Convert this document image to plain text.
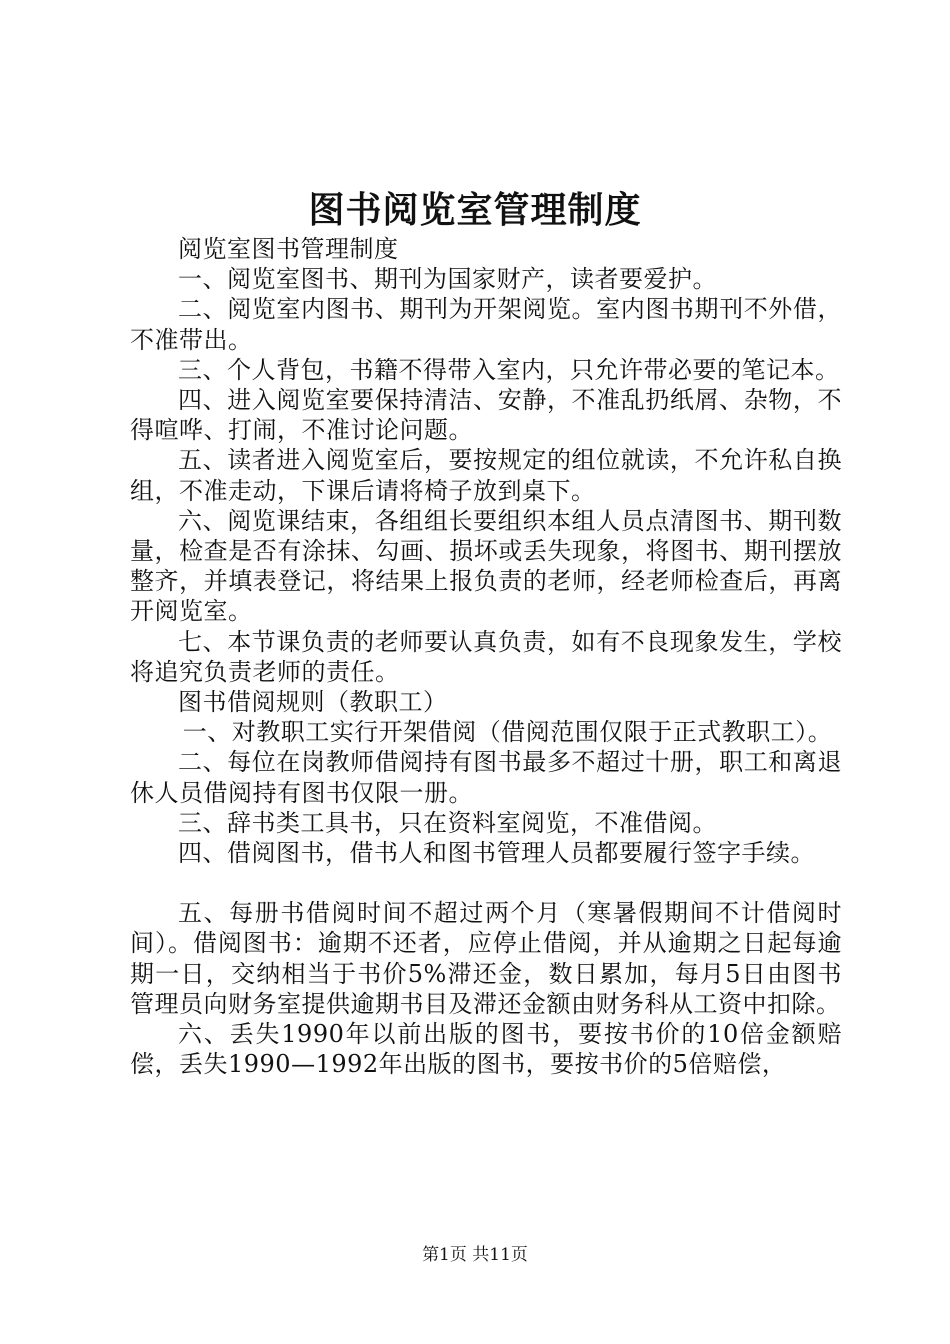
图书阅览室管理制度

阅览室图书管理制度

一、阅览室图书、期刊为国家财产，读者要爱护。

二、阅览室内图书、期刊为开架阅览。室内图书期刊不外借，不准带出。

三、个人背包，书籍不得带入室内，只允许带必要的笔记本。

四、进入阅览室要保持清洁、安静，不准乱扔纸屑、杂物，不得喧哗、打闹，不准讨论问题。

五、读者进入阅览室后，要按规定的组位就读，不允许私自换组，不准走动，下课后请将椅子放到桌下。

六、阅览课结束，各组组长要组织本组人员点清图书、期刊数量，检查是否有涂抹、勾画、损坏或丢失现象，将图书、期刊摆放整齐，并填表登记，将结果上报负责的老师，经老师检查后，再离开阅览室。

七、本节课负责的老师要认真负责，如有不良现象发生，学校将追究负责老师的责任。

图书借阅规则（教职工）

一、对教职工实行开架借阅（借阅范围仅限于正式教职工）。

二、每位在岗教师借阅持有图书最多不超过十册，职工和离退休人员借阅持有图书仅限一册。

三、辞书类工具书，只在资料室阅览，不准借阅。

四、借阅图书，借书人和图书管理人员都要履行签字手续。

五、每册书借阅时间不超过两个月（寒暑假期间不计借阅时间）。借阅图书：逾期不还者，应停止借阅，并从逾期之日起每逾期一日，交纳相当于书价5%滞还金，数日累加，每月5日由图书管理员向财务室提供逾期书目及滞还金额由财务科从工资中扣除。

六、丢失1990年以前出版的图书，要按书价的10倍金额赔偿，丢失1990—1992年出版的图书，要按书价的5倍赔偿，

第1页 共11页
